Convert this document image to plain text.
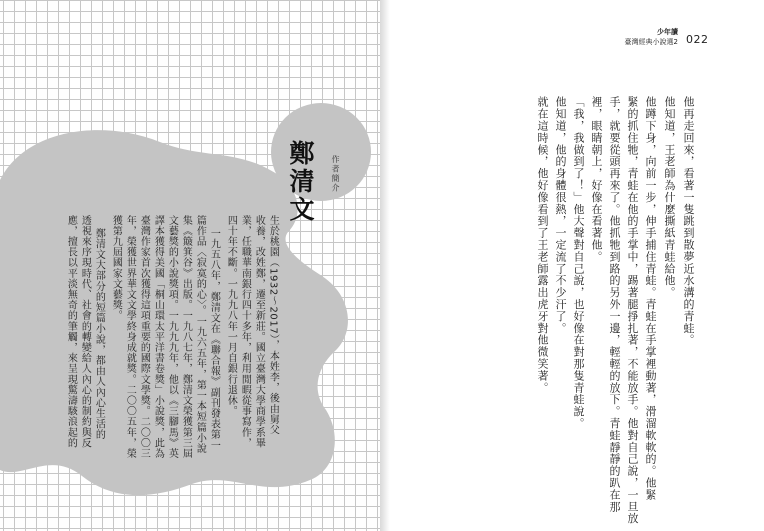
作者簡介
鄭清文
生於桃園（1932～2017），本姓李，後由舅父
收養，改姓鄭，遷至新莊。國立臺灣大學商學系畢
業，任職華南銀行四十多年，利用閒暇從事寫作，
四十年不斷。一九九八年一月自銀行退休。
一九五八年，鄭清文在《聯合報》副刊發表第一
篇作品〈寂寞的心〉。一九六五年，第一本短篇小說
集《簸箕谷》出版。一九八七年，鄭清文榮獲第三屆
文藝獎的小說獎項。一九九九年，他以《三腳馬》英
譯本獲得美國「桐山環太平洋書卷獎」小說獎，此為
臺灣作家首次獲得這項重要的國際文學獎。二〇〇三
年，榮獲世界華文文學終身成就獎。二〇〇五年，榮
獲第九屆國家文藝獎。
鄭清文大部分的短篇小說，都由人內心生活的
透視來序現時代、社會的轉變給人內心的制約與反
應，擅長以平淡無奇的筆觸，來呈現驚濤駭浪起的
少年讀
臺灣經典小說選2 022
他再走回來，看著一隻跳到散夢近水溝的青蛙。
他知道，王老師為什麼撕紙青蛙給他。
他蹲下身，向前一步，伸手捕住青蛙。青蛙在手掌裡動著，滑溜軟軟的。他緊
緊的抓住牠，青蛙在他的手掌中，踢著腿掙扎著，不能放手。他對自己說，一旦放
手，就要從頭再來了。他抓牠到路的另外一邊，輕輕的放下。青蛙靜靜的趴在那
裡，眼睛朝上，好像在看著他。
「我，我做到了！」他大聲對自己說，也好像在對那隻青蛙說。
他知道，他的身體很熱，一定流了不少汗了。
就在這時候，他好像看到了王老師露出虎牙對他微笑著。
